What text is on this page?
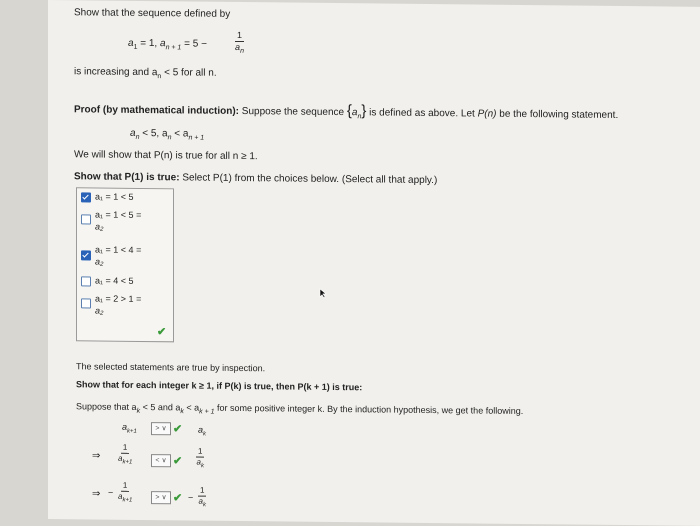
Show that the sequence defined by
$a_1 = 1$, $a_{n + 1} = 5$ −	$\frac{1}{a_n}$
is increasing and $a_n < 5$ for all n.
Proof (by mathematical induction): Suppose the sequence $\{a_n\}$ is defined as above. Let P(n) be the following statement.
$a_n < 5$, $a_n < a_{n + 1}$
We will show that P(n) is true for all n ≥ 1.
Show that P(1) is true: Select P(1) from the choices below. (Select all that apply.)
a₁ = 1 < 5
a₁ = 1 < 5 =
a₂
a₁ = 1 < 4 =
a₂
a₁ = 4 < 5
a₁ = 2 > 1 =
a₂
✔
The selected statements are true by inspection.
Show that for each integer k ≥ 1, if P(k) is true, then P(k + 1) is true:
Suppose that $a_k < 5$ and $a_k < a_{k + 1}$ for some positive integer k. By the induction hypothesis, we get the following.
$a_{k+1}$	> ∨ ✔ $a_k$
⇒ $\frac{1}{a_{k+1}}$	< ∨ ✔ $\frac{1}{a_k}$
⇒ − $\frac{1}{a_{k+1}}$	> ∨ ✔ − $\frac{1}{a_k}$
